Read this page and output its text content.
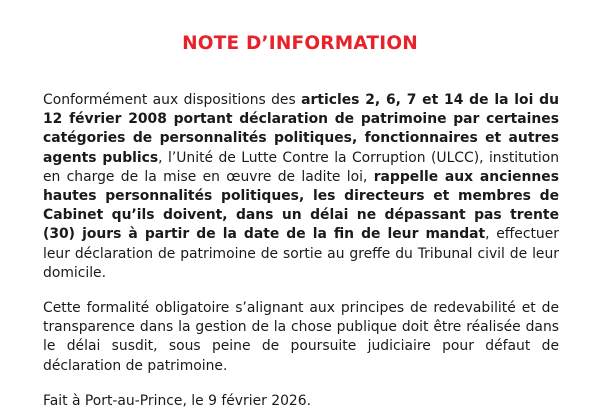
NOTE D’INFORMATION

Conformément aux dispositions des articles 2, 6, 7 et 14 de la loi du 12 février 2008 portant déclaration de patrimoine par certaines catégories de personnalités politiques, fonctionnaires et autres agents publics, l’Unité de Lutte Contre la Corruption (ULCC), institution en charge de la mise en œuvre de ladite loi, rappelle aux anciennes hautes personnalités politiques, les directeurs et membres de Cabinet qu’ils doivent, dans un délai ne dépassant pas trente (30) jours à partir de la date de la fin de leur mandat, effectuer leur déclaration de patrimoine de sortie au greffe du Tribunal civil de leur domicile.

Cette formalité obligatoire s’alignant aux principes de redevabilité et de transparence dans la gestion de la chose publique doit être réalisée dans le délai susdit, sous peine de poursuite judiciaire pour défaut de déclaration de patrimoine.

Fait à Port-au-Prince, le 9 février 2026.
